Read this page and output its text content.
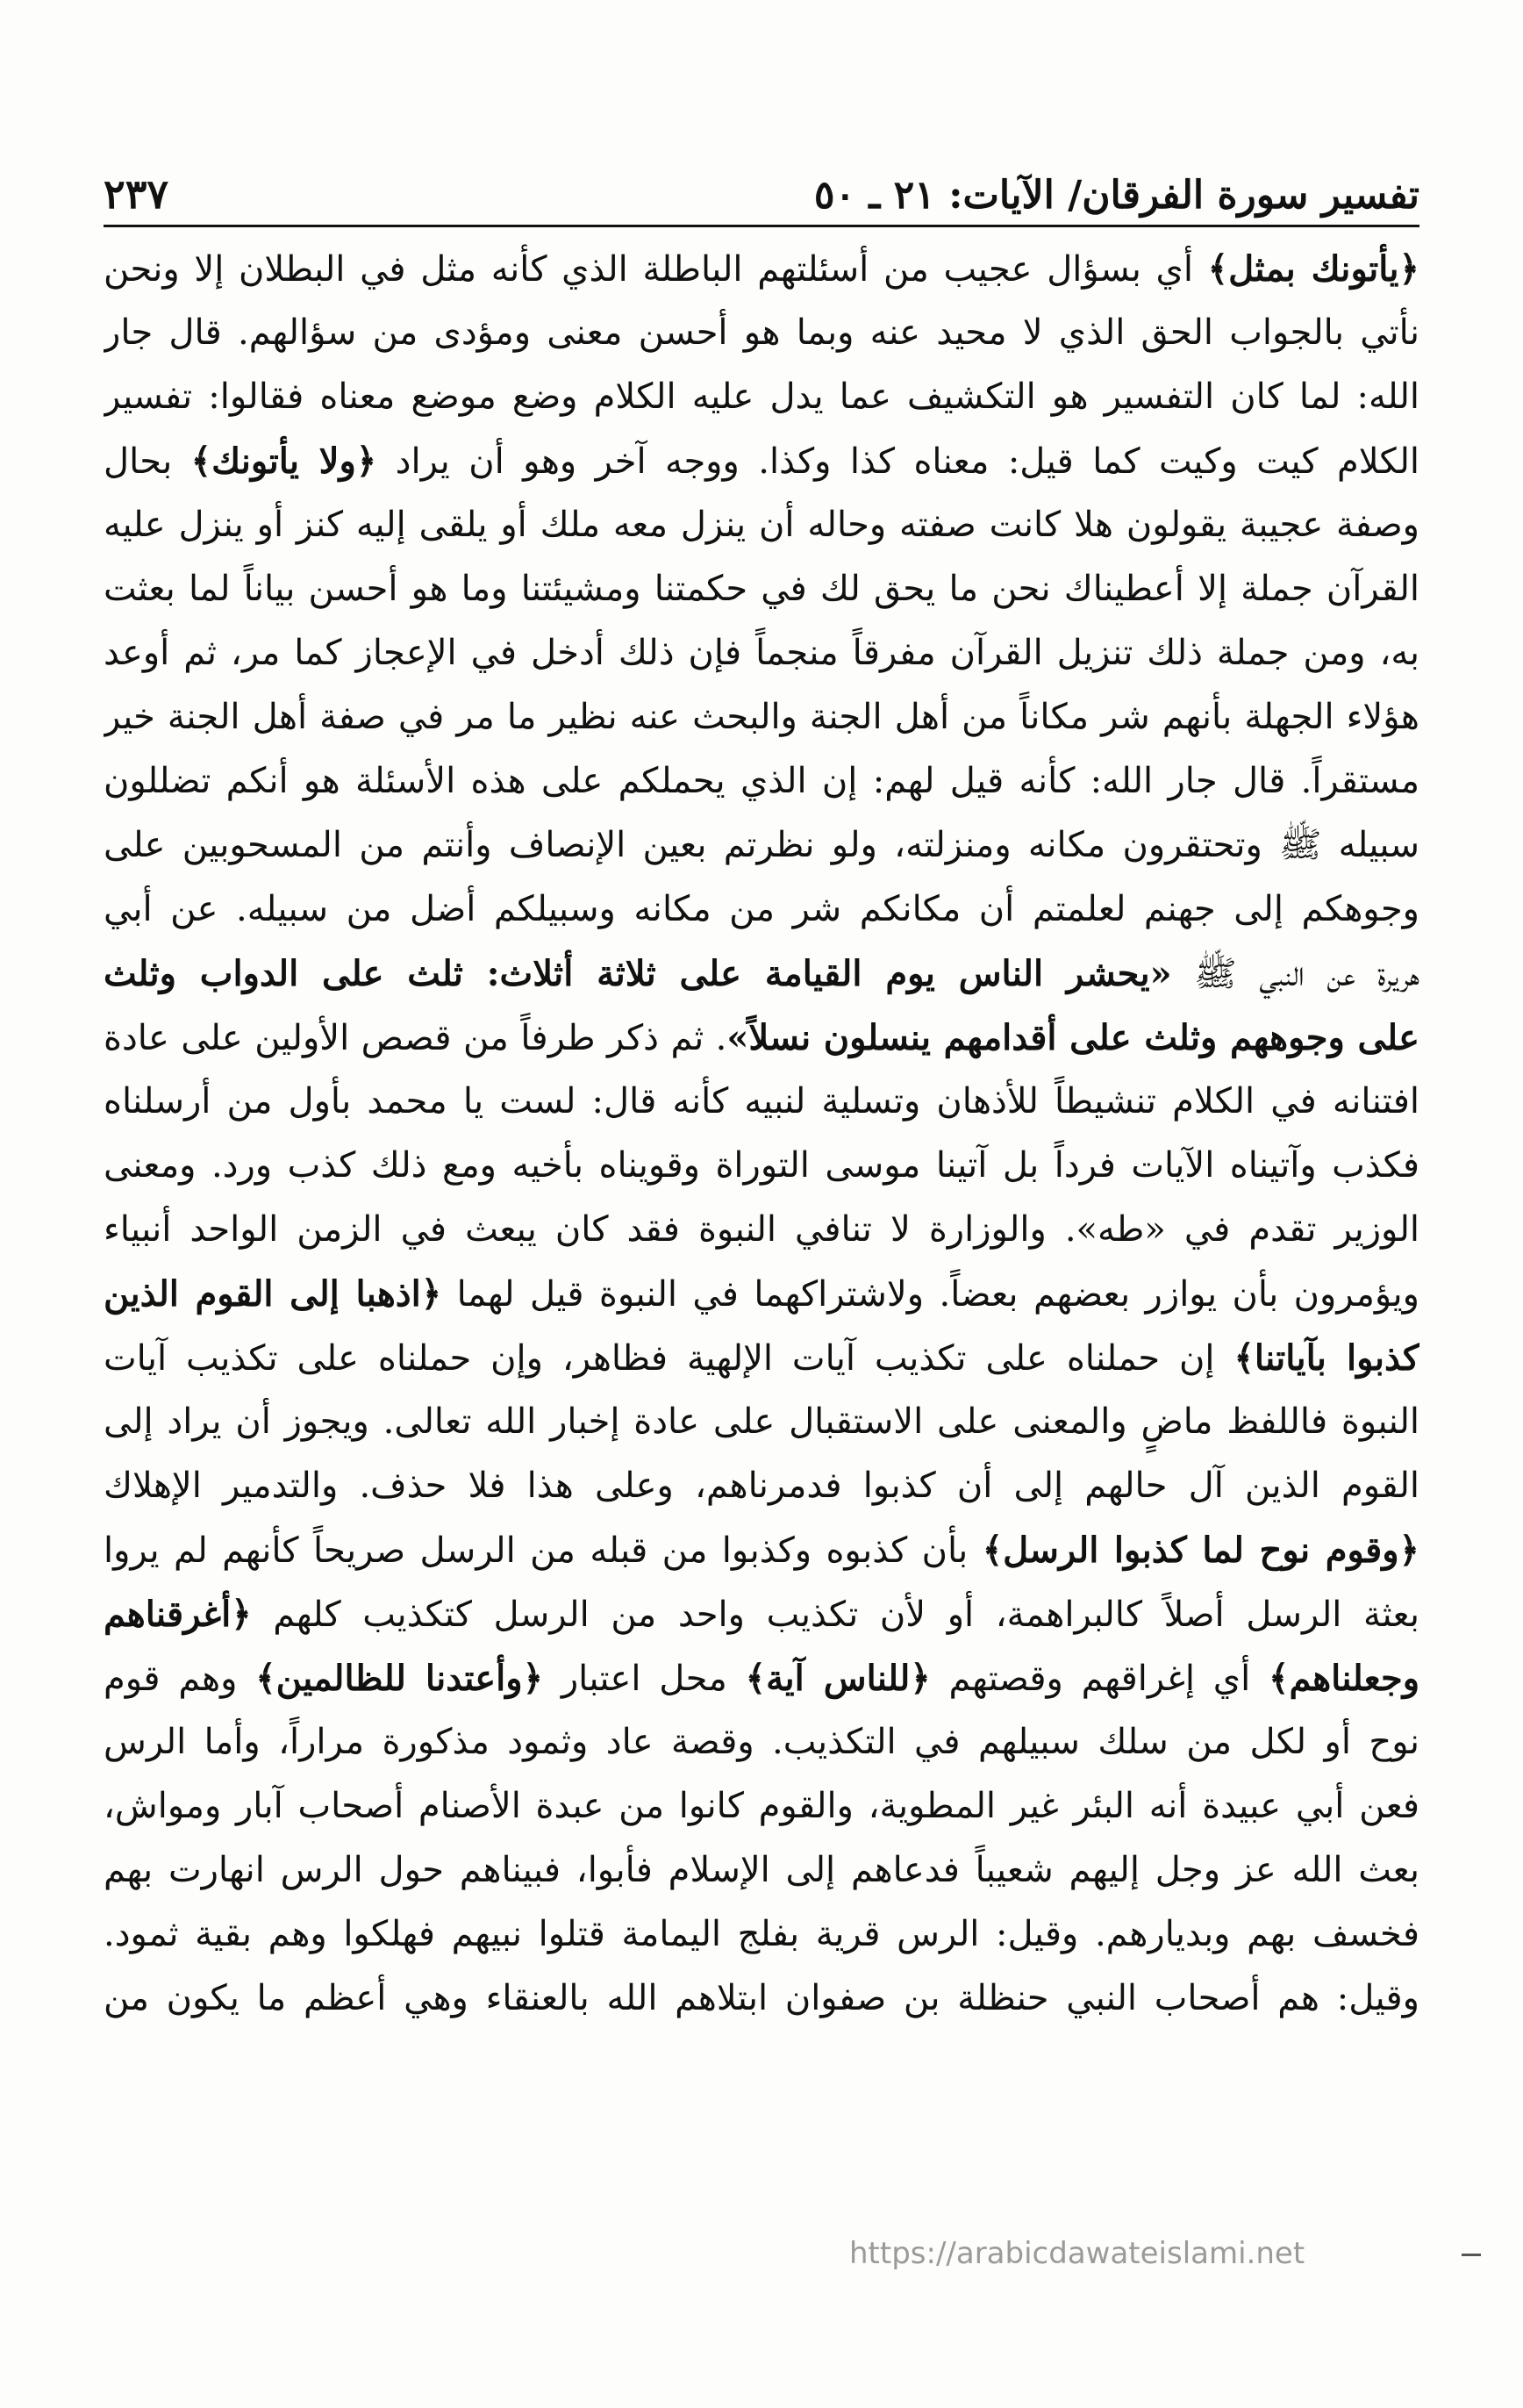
تفسير سورة الفرقان/ الآيات: ٢١ ـ ٥٠
٢٣٧
﴿يأتونك بمثل﴾ أي بسؤال عجيب من أسئلتهم الباطلة الذي كأنه مثل في البطلان إلا ونحن
نأتي بالجواب الحق الذي لا محيد عنه وبما هو أحسن معنى ومؤدى من سؤالهم. قال جار
الله: لما كان التفسير هو التكشيف عما يدل عليه الكلام وضع موضع معناه فقالوا: تفسير
الكلام كيت وكيت كما قيل: معناه كذا وكذا. ووجه آخر وهو أن يراد ﴿ولا يأتونك﴾ بحال
وصفة عجيبة يقولون هلا كانت صفته وحاله أن ينزل معه ملك أو يلقى إليه كنز أو ينزل عليه
القرآن جملة إلا أعطيناك نحن ما يحق لك في حكمتنا ومشيئتنا وما هو أحسن بياناً لما بعثت
به، ومن جملة ذلك تنزيل القرآن مفرقاً منجماً فإن ذلك أدخل في الإعجاز كما مر، ثم أوعد
هؤلاء الجهلة بأنهم شر مكاناً من أهل الجنة والبحث عنه نظير ما مر في صفة أهل الجنة خير
مستقراً. قال جار الله: كأنه قيل لهم: إن الذي يحملكم على هذه الأسئلة هو أنكم تضللون
سبيله ﷺ وتحتقرون مكانه ومنزلته، ولو نظرتم بعين الإنصاف وأنتم من المسحوبين على
وجوهكم إلى جهنم لعلمتم أن مكانكم شر من مكانه وسبيلكم أضل من سبيله. عن أبي
هريرة عن النبي ﷺ «يحشر الناس يوم القيامة على ثلاثة أثلاث: ثلث على الدواب وثلث
على وجوههم وثلث على أقدامهم ينسلون نسلاً». ثم ذكر طرفاً من قصص الأولين على عادة
افتنانه في الكلام تنشيطاً للأذهان وتسلية لنبيه كأنه قال: لست يا محمد بأول من أرسلناه
فكذب وآتيناه الآيات فرداً بل آتينا موسى التوراة وقويناه بأخيه ومع ذلك كذب ورد. ومعنى
الوزير تقدم في «طه». والوزارة لا تنافي النبوة فقد كان يبعث في الزمن الواحد أنبياء
ويؤمرون بأن يوازر بعضهم بعضاً. ولاشتراكهما في النبوة قيل لهما ﴿اذهبا إلى القوم الذين
كذبوا بآياتنا﴾ إن حملناه على تكذيب آيات الإلهية فظاهر، وإن حملناه على تكذيب آيات
النبوة فاللفظ ماضٍ والمعنى على الاستقبال على عادة إخبار الله تعالى. ويجوز أن يراد إلى
القوم الذين آل حالهم إلى أن كذبوا فدمرناهم، وعلى هذا فلا حذف. والتدمير الإهلاك
﴿وقوم نوح لما كذبوا الرسل﴾ بأن كذبوه وكذبوا من قبله من الرسل صريحاً كأنهم لم يروا
بعثة الرسل أصلاً كالبراهمة، أو لأن تكذيب واحد من الرسل كتكذيب كلهم ﴿أغرقناهم
وجعلناهم﴾ أي إغراقهم وقصتهم ﴿للناس آية﴾ محل اعتبار ﴿وأعتدنا للظالمين﴾ وهم قوم
نوح أو لكل من سلك سبيلهم في التكذيب. وقصة عاد وثمود مذكورة مراراً، وأما الرس
فعن أبي عبيدة أنه البئر غير المطوية، والقوم كانوا من عبدة الأصنام أصحاب آبار ومواش،
بعث الله عز وجل إليهم شعيباً فدعاهم إلى الإسلام فأبوا، فبيناهم حول الرس انهارت بهم
فخسف بهم وبديارهم. وقيل: الرس قرية بفلج اليمامة قتلوا نبيهم فهلكوا وهم بقية ثمود.
وقيل: هم أصحاب النبي حنظلة بن صفوان ابتلاهم الله بالعنقاء وهي أعظم ما يكون من
https://arabicdawateislami.net
